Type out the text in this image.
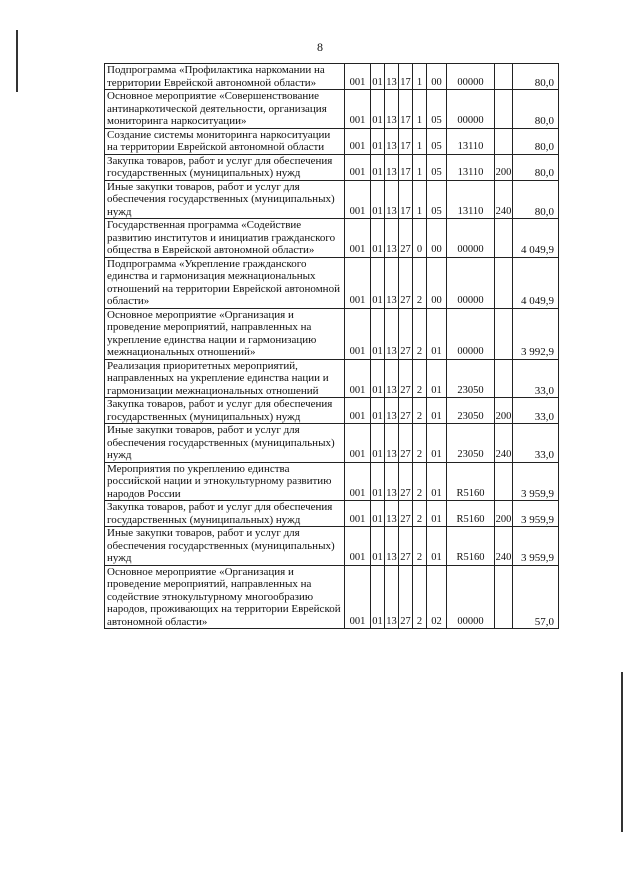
8
Подпрограмма «Профилактика наркомании на территории Еврейской автономной области»	001	01	13	17	1	00	00000		80,0
Основное мероприятие «Совершенствование антинаркотической деятельности, организация мониторинга наркоситуации»	001	01	13	17	1	05	00000		80,0
Создание системы мониторинга наркоситуации на территории Еврейской автономной области	001	01	13	17	1	05	13110		80,0
Закупка товаров, работ и услуг для обеспечения государственных (муниципальных) нужд	001	01	13	17	1	05	13110	200	80,0
Иные закупки товаров, работ и услуг для обеспечения государственных (муниципальных) нужд	001	01	13	17	1	05	13110	240	80,0
Государственная программа «Содействие развитию институтов и инициатив гражданского общества в Еврейской автономной области»	001	01	13	27	0	00	00000		4 049,9
Подпрограмма «Укрепление гражданского единства и гармонизация межнациональных отношений на территории Еврейской автономной области»	001	01	13	27	2	00	00000		4 049,9
Основное мероприятие «Организация и проведение мероприятий, направленных на укрепление единства нации и гармонизацию межнациональных отношений»	001	01	13	27	2	01	00000		3 992,9
Реализация приоритетных мероприятий, направленных на укрепление единства нации и гармонизации межнациональных отношений	001	01	13	27	2	01	23050		33,0
Закупка товаров, работ и услуг для обеспечения государственных (муниципальных) нужд	001	01	13	27	2	01	23050	200	33,0
Иные закупки товаров, работ и услуг для обеспечения государственных (муниципальных) нужд	001	01	13	27	2	01	23050	240	33,0
Мероприятия по укреплению единства российской нации и этнокультурному развитию народов России	001	01	13	27	2	01	R5160		3 959,9
Закупка товаров, работ и услуг для обеспечения государственных (муниципальных) нужд	001	01	13	27	2	01	R5160	200	3 959,9
Иные закупки товаров, работ и услуг для обеспечения государственных (муниципальных) нужд	001	01	13	27	2	01	R5160	240	3 959,9
Основное мероприятие «Организация и проведение мероприятий, направленных на содействие этнокультурному многообразию народов, проживающих на территории Еврейской автономной области»	001	01	13	27	2	02	00000		57,0
